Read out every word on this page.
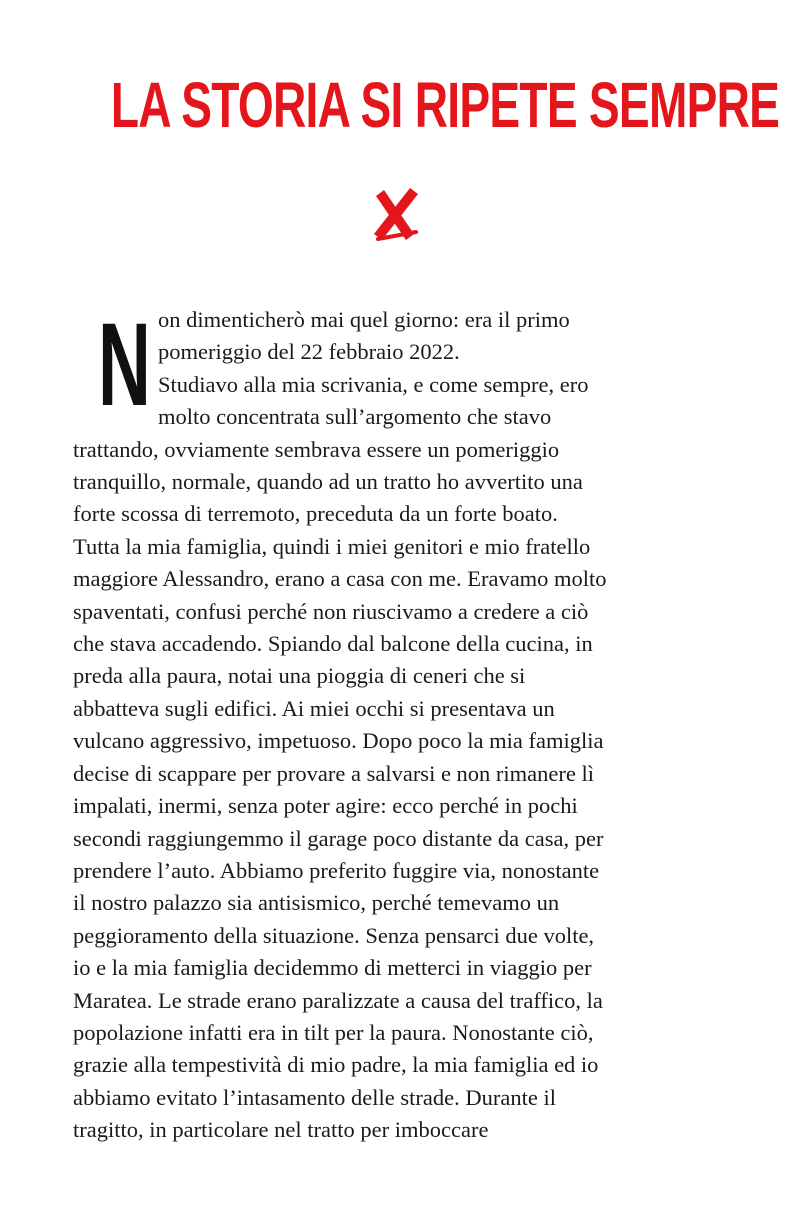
LA STORIA SI RIPETE SEMPRE
N on dimenticherò mai quel giorno: era il primo

pomeriggio del 22 febbraio 2022.

Studiavo alla mia scrivania, e come sempre, ero

molto concentrata sull’argomento che stavo

trattando, ovviamente sembrava essere un pomeriggio

tranquillo, normale, quando ad un tratto ho avvertito una

forte scossa di terremoto, preceduta da un forte boato.

Tutta la mia famiglia, quindi i miei genitori e mio fratello

maggiore Alessandro, erano a casa con me. Eravamo molto

spaventati, confusi perché non riuscivamo a credere a ciò

che stava accadendo. Spiando dal balcone della cucina, in

preda alla paura, notai una pioggia di ceneri che si

abbatteva sugli edifici. Ai miei occhi si presentava un

vulcano aggressivo, impetuoso. Dopo poco la mia famiglia

decise di scappare per provare a salvarsi e non rimanere lì

impalati, inermi, senza poter agire: ecco perché in pochi

secondi raggiungemmo il garage poco distante da casa, per

prendere l’auto. Abbiamo preferito fuggire via, nonostante

il nostro palazzo sia antisismico, perché temevamo un

peggioramento della situazione. Senza pensarci due volte,

io e la mia famiglia decidemmo di metterci in viaggio per

Maratea. Le strade erano paralizzate a causa del traffico, la

popolazione infatti era in tilt per la paura. Nonostante ciò,

grazie alla tempestività di mio padre, la mia famiglia ed io

abbiamo evitato l’intasamento delle strade. Durante il

tragitto, in particolare nel tratto per imboccare
